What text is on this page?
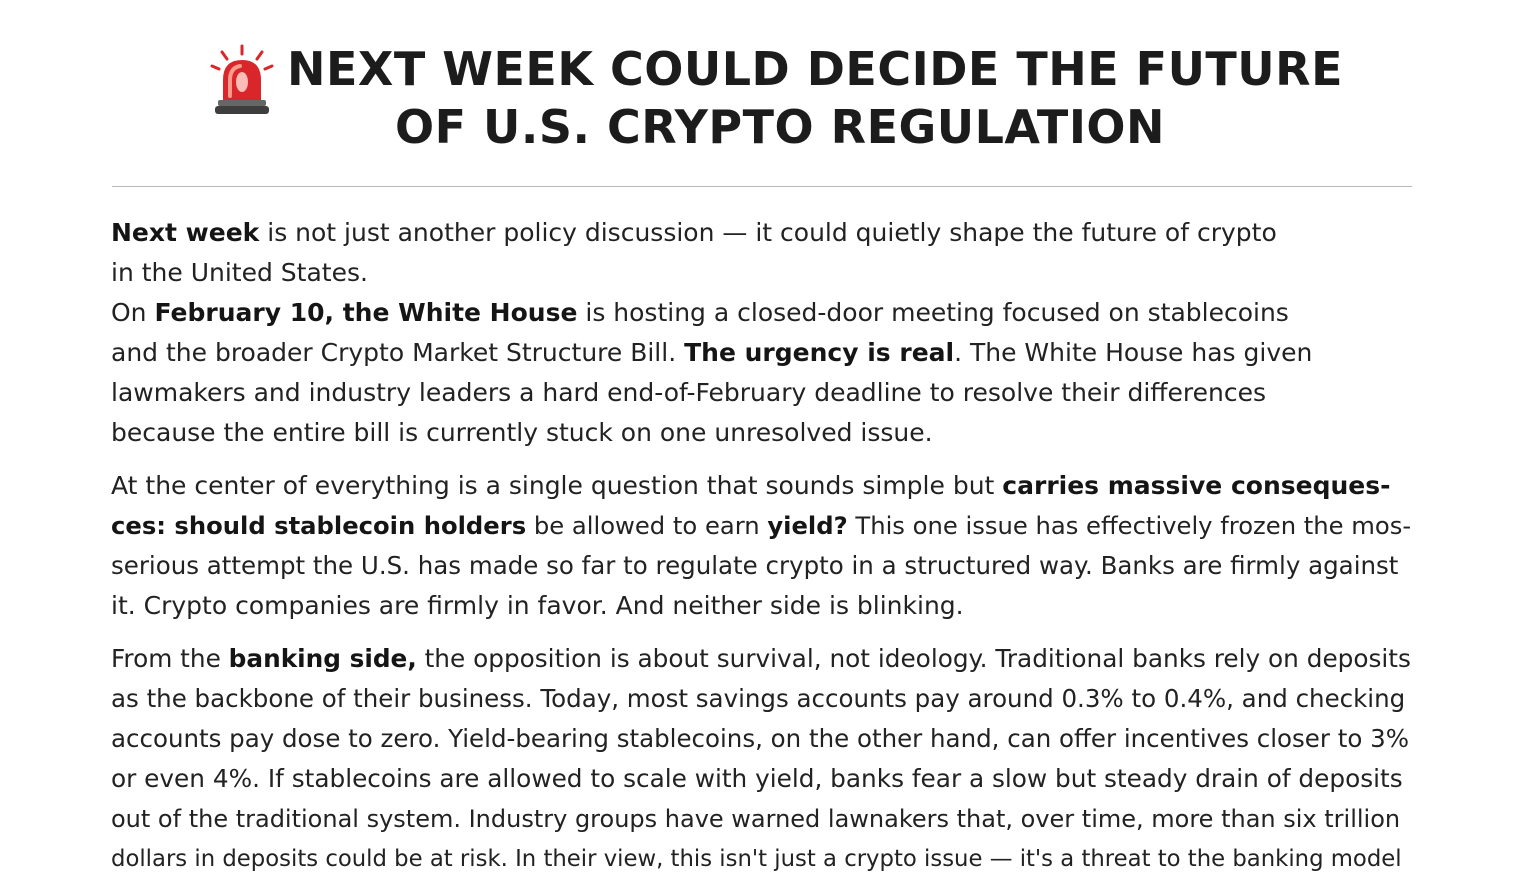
NEXT WEEK COULD DECIDE THE FUTURE
OF U.S. CRYPTO REGULATION

Next week is not just another policy discussion — it could quietly shape the future of crypto
in the United States.

On February 10, the White House is hosting a closed-door meeting focused on stablecoins
and the broader Crypto Market Structure Bill. The urgency is real. The White House has given
lawmakers and industry leaders a hard end-of-February deadline to resolve their differences
because the entire bill is currently stuck on one unresolved issue.

At the center of everything is a single question that sounds simple but carries massive conseques-
ces: should stablecoin holders be allowed to earn yield? This one issue has effectively frozen the mos-
serious attempt the U.S. has made so far to regulate crypto in a structured way. Banks are firmly against
it. Crypto companies are firmly in favor. And neither side is blinking.

From the banking side, the opposition is about survival, not ideology. Traditional banks rely on deposits
as the backbone of their business. Today, most savings accounts pay around 0.3% to 0.4%, and checking
accounts pay dose to zero. Yield-bearing stablecoins, on the other hand, can offer incentives closer to 3%
or even 4%. If stablecoins are allowed to scale with yield, banks fear a slow but steady drain of deposits
out of the traditional system. Industry groups have warned lawnakers that, over time, more than six trillion
dollars in deposits could be at risk. In their view, this isn't just a crypto issue — it's a threat to the banking model
